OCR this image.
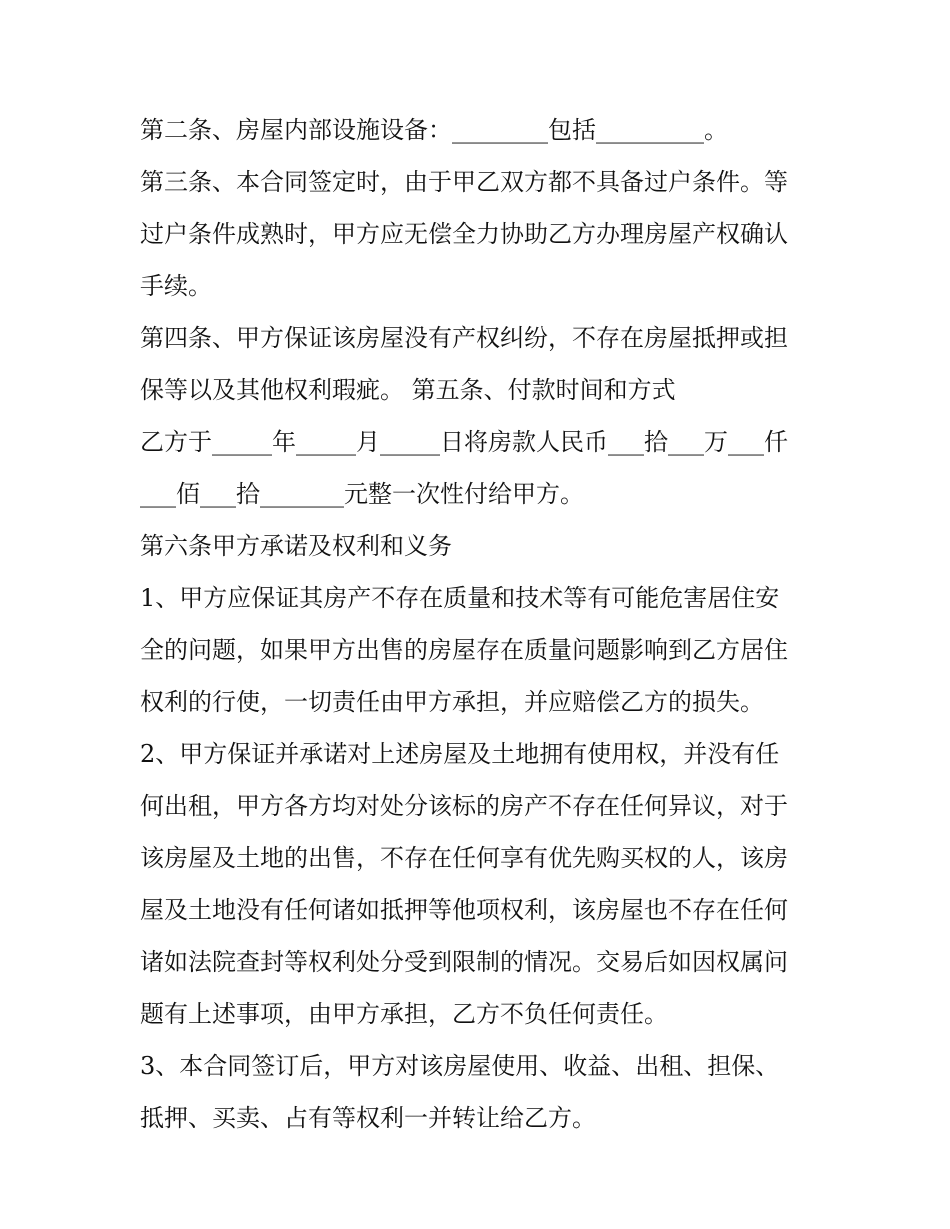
第二条、房屋内部设施设备：________包括_________。
第三条、本合同签定时，由于甲乙双方都不具备过户条件。等
过户条件成熟时，甲方应无偿全力协助乙方办理房屋产权确认
手续。
第四条、甲方保证该房屋没有产权纠纷，不存在房屋抵押或担
保等以及其他权利瑕疵。 第五条、付款时间和方式
乙方于_____年_____月_____日将房款人民币___拾___万___仟
___佰___拾_______元整一次性付给甲方。
第六条甲方承诺及权利和义务
1、甲方应保证其房产不存在质量和技术等有可能危害居住安
全的问题，如果甲方出售的房屋存在质量问题影响到乙方居住
权利的行使，一切责任由甲方承担，并应赔偿乙方的损失。
2、甲方保证并承诺对上述房屋及土地拥有使用权，并没有任
何出租，甲方各方均对处分该标的房产不存在任何异议，对于
该房屋及土地的出售，不存在任何享有优先购买权的人，该房
屋及土地没有任何诸如抵押等他项权利，该房屋也不存在任何
诸如法院查封等权利处分受到限制的情况。交易后如因权属问
题有上述事项，由甲方承担，乙方不负任何责任。
3、本合同签订后，甲方对该房屋使用、收益、出租、担保、
抵押、买卖、占有等权利一并转让给乙方。
